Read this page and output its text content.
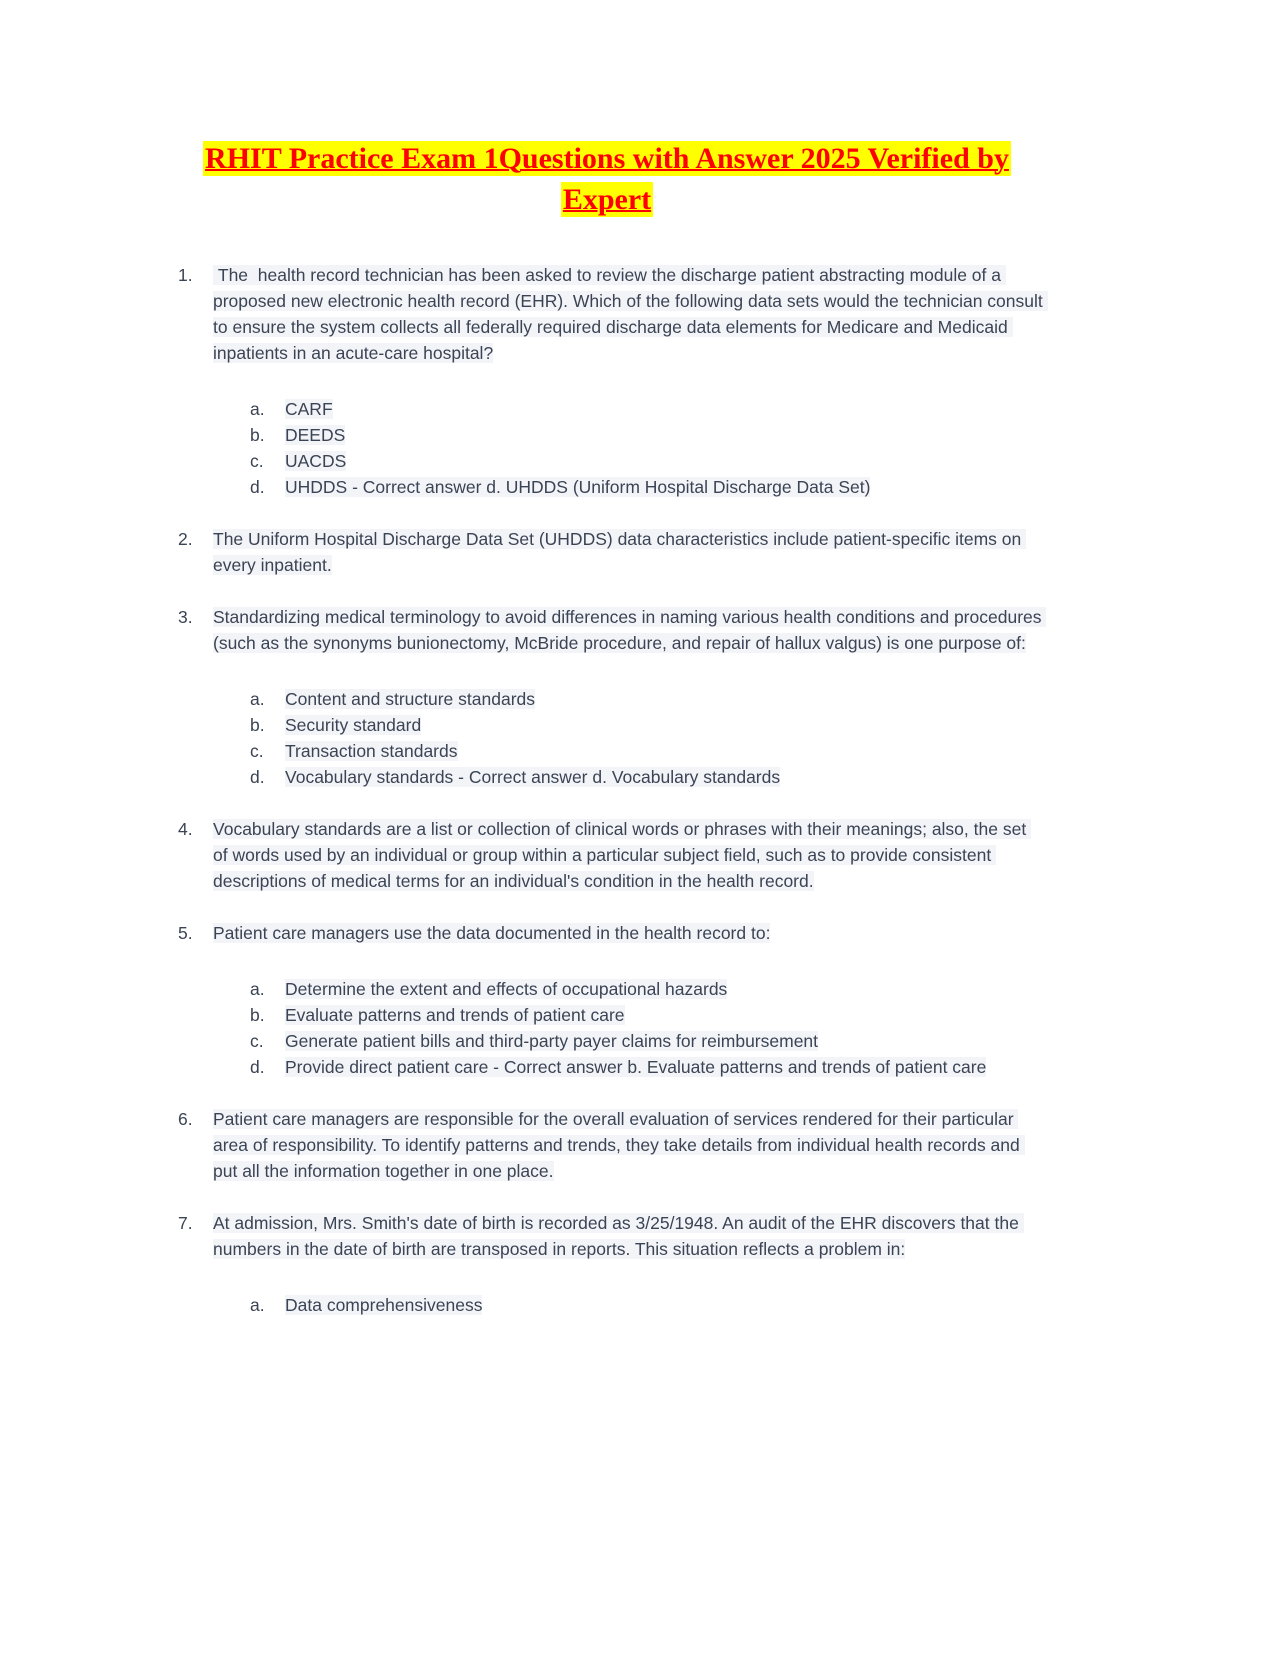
RHIT Practice Exam 1Questions with Answer 2025 Verified by Expert
1.	The  health record technician has been asked to review the discharge patient abstracting module of a proposed new electronic health record (EHR). Which of the following data sets would the technician consult to ensure the system collects all federally required discharge data elements for Medicare and Medicaid inpatients in an acute-care hospital?
a.	CARF
b.	DEEDS
c.	UACDS
d.	UHDDS - Correct answer d. UHDDS (Uniform Hospital Discharge Data Set)
2.	The Uniform Hospital Discharge Data Set (UHDDS) data characteristics include patient-specific items on every inpatient.
3.	Standardizing medical terminology to avoid differences in naming various health conditions and procedures (such as the synonyms bunionectomy, McBride procedure, and repair of hallux valgus) is one purpose of:
a.	Content and structure standards
b.	Security standard
c.	Transaction standards
d.	Vocabulary standards - Correct answer d. Vocabulary standards
4.	Vocabulary standards are a list or collection of clinical words or phrases with their meanings; also, the set of words used by an individual or group within a particular subject field, such as to provide consistent descriptions of medical terms for an individual's condition in the health record.
5.	Patient care managers use the data documented in the health record to:
a.	Determine the extent and effects of occupational hazards
b.	Evaluate patterns and trends of patient care
c.	Generate patient bills and third-party payer claims for reimbursement
d.	Provide direct patient care - Correct answer b. Evaluate patterns and trends of patient care
6.	Patient care managers are responsible for the overall evaluation of services rendered for their particular area of responsibility. To identify patterns and trends, they take details from individual health records and put all the information together in one place.
7.	At admission, Mrs. Smith's date of birth is recorded as 3/25/1948. An audit of the EHR discovers that the numbers in the date of birth are transposed in reports. This situation reflects a problem in:
a.	Data comprehensiveness
